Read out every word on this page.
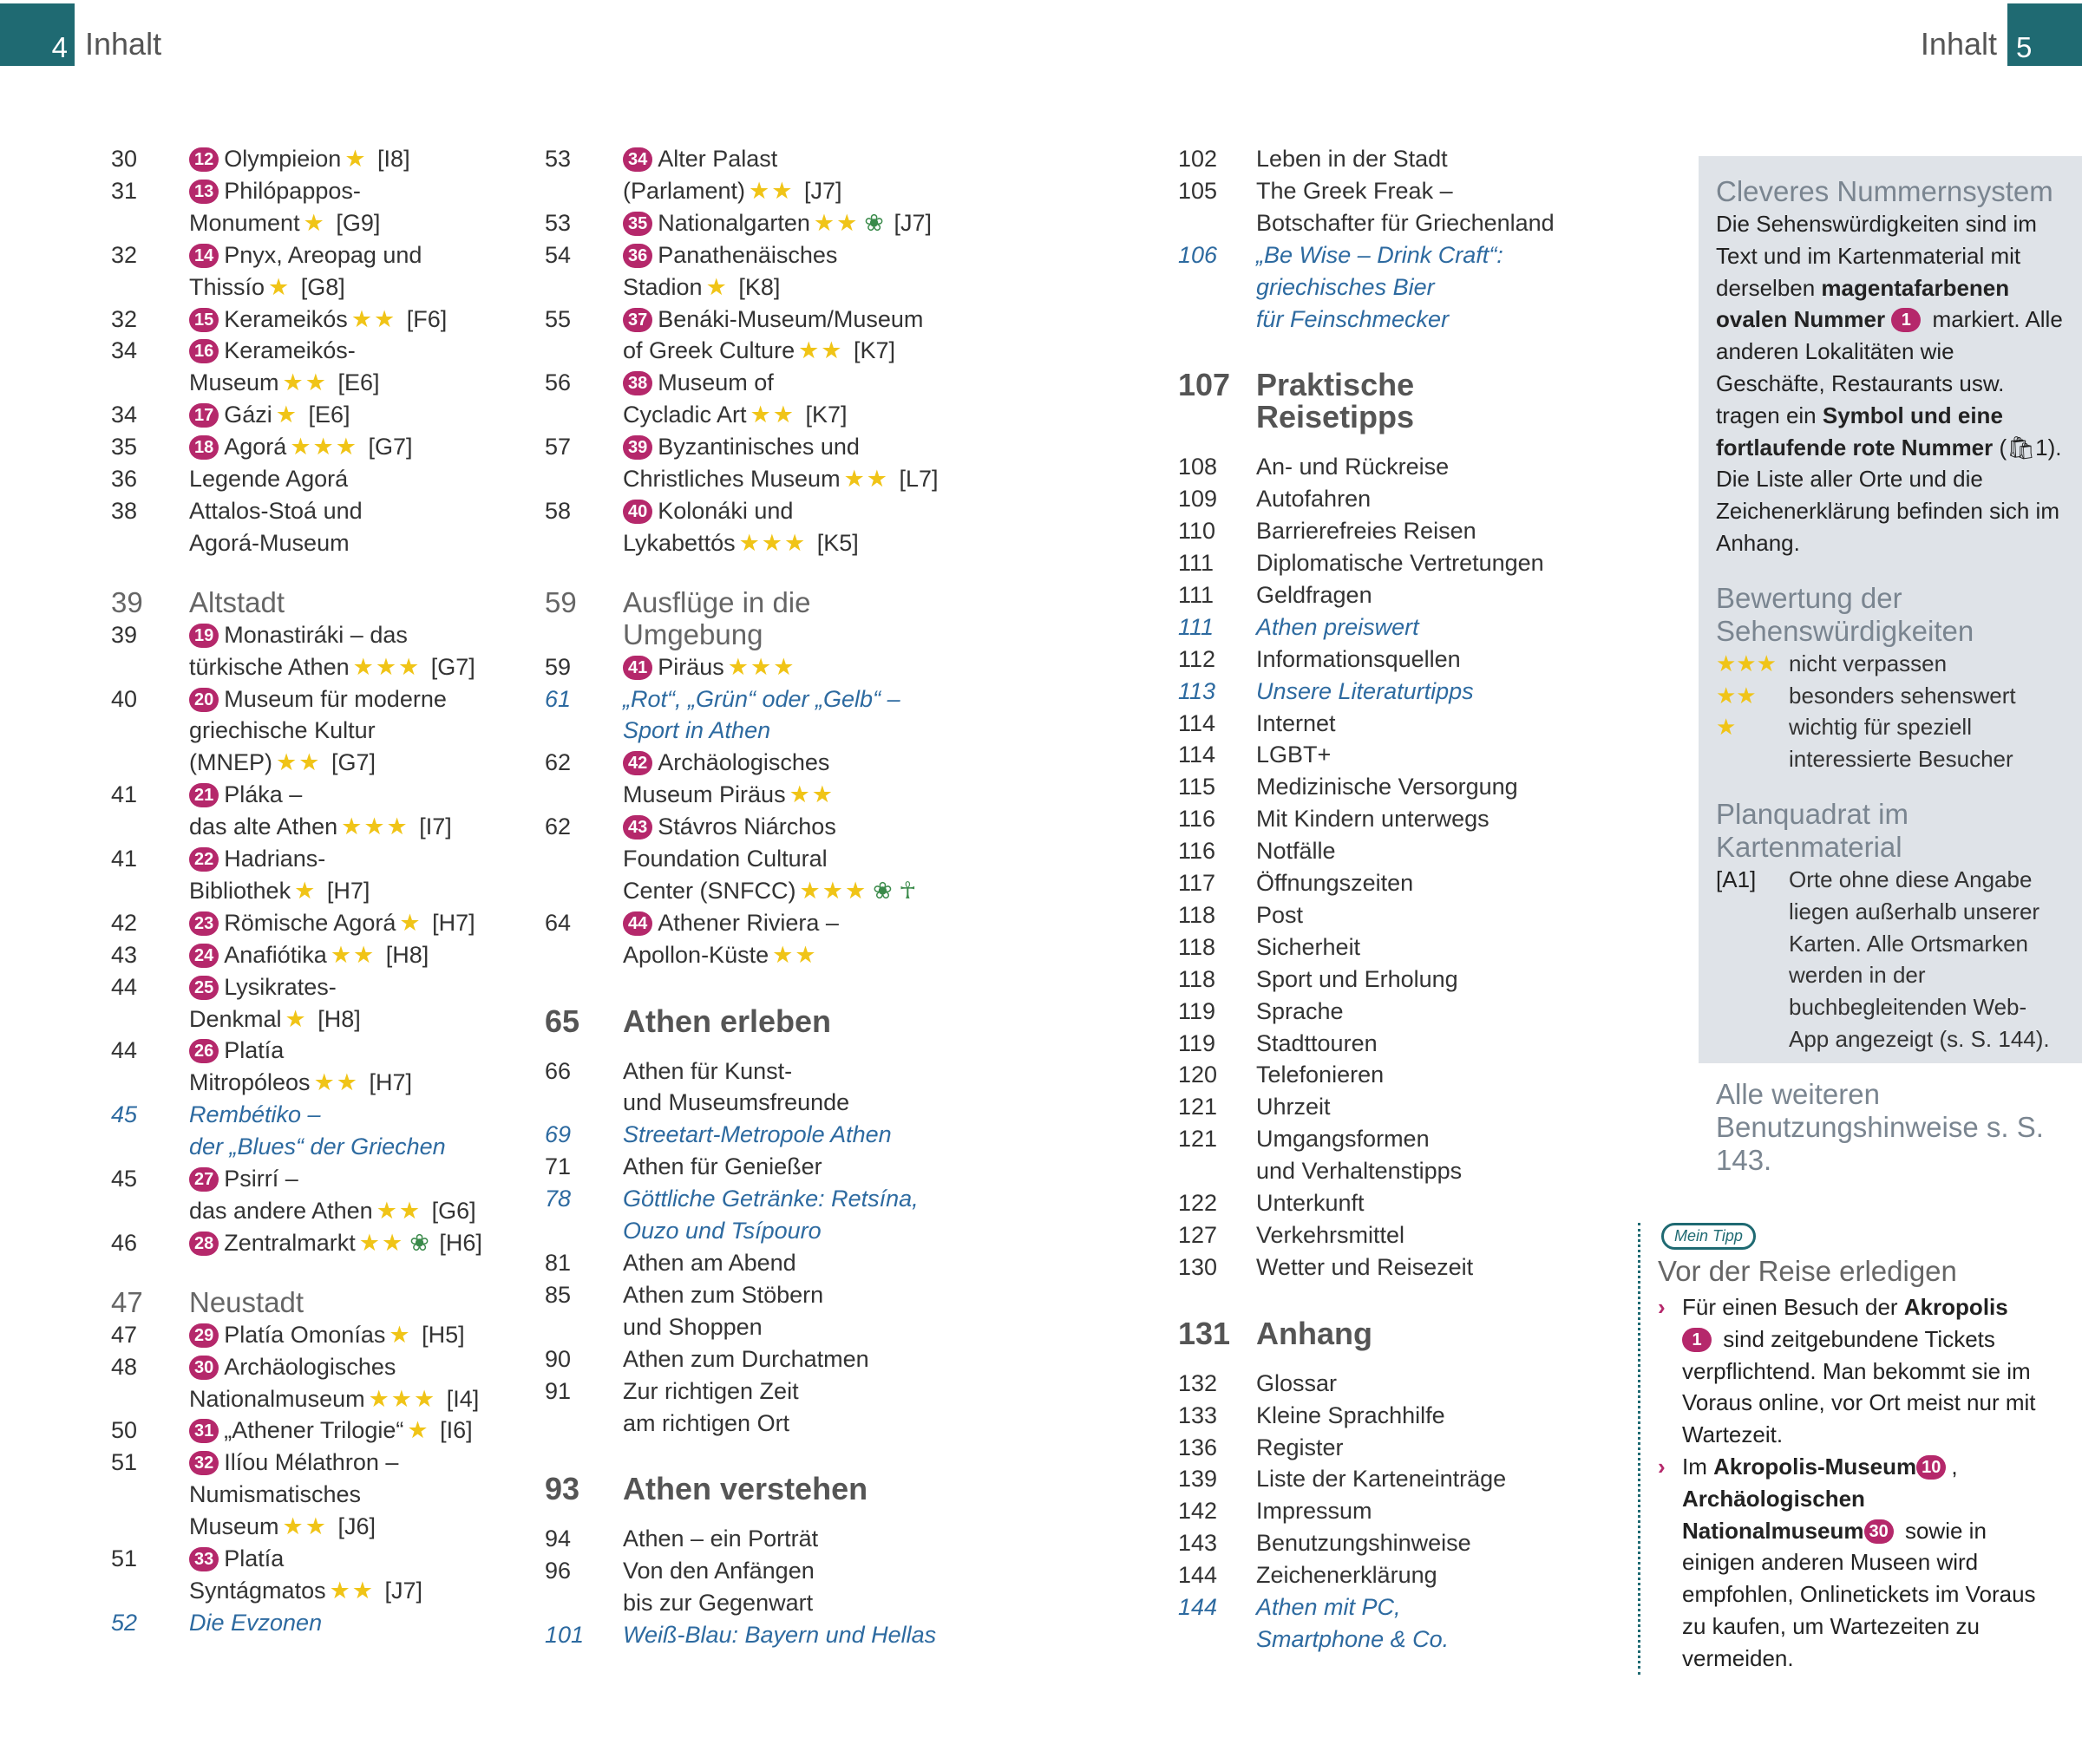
4 Inhalt	5
Inhalt
30	12 Olympieion ★ [I8]
31	13 Philópappos-
Monument ★ [G9]
32	14 Pnyx, Areopag und
Thissío ★ [G8]
32	15 Kerameikós ★★ [F6]
34	16 Kerameikós-
Museum ★★ [E6]
34	17 Gázi ★ [E6]
35	18 Agorá ★★★ [G7]
36	Legende Agorá
38	Attalos-Stoá und
Agorá-Museum
39	Altstadt
39	19 Monastiráki – das
türkische Athen ★★★ [G7]
40	20 Museum für moderne
griechische Kultur
(MNEP) ★★ [G7]
41	21 Pláka –
das alte Athen ★★★ [I7]
41	22 Hadrians-
Bibliothek ★ [H7]
42	23 Römische Agorá ★ [H7]
43	24 Anafiótika ★★ [H8]
44	25 Lysikrates-
Denkmal ★ [H8]
44	26 Platía
Mitropóleos ★★ [H7]
45	Rembétiko –
der „Blues“ der Griechen
45	27 Psirrí –
das andere Athen ★★ [G6]
46	28 Zentralmarkt ★★ ❀ [H6]
47	Neustadt
47	29 Platía Omonías ★ [H5]
48	30 Archäologisches
Nationalmuseum ★★★ [I4]
50	31 „Athener Trilogie“ ★ [I6]
51	32 Ilíou Mélathron –
Numismatisches
Museum ★★ [J6]
51	33 Platía
Syntágmatos ★★ [J7]
52	Die Evzonen
53	34 Alter Palast
(Parlament) ★★ [J7]
53	35 Nationalgarten ★★ ❀ [J7]
54	36 Panathenäisches
Stadion ★ [K8]
55	37 Benáki-Museum/Museum
of Greek Culture ★★ [K7]
56	38 Museum of
Cycladic Art ★★ [K7]
57	39 Byzantinisches und
Christliches Museum ★★ [L7]
58	40 Kolonáki und
Lykabettós ★★★ [K5]
59	Ausflüge in die Umgebung
59	41 Piräus ★★★
61	„Rot“, „Grün“ oder „Gelb“ –
Sport in Athen
62	42 Archäologisches
Museum Piräus ★★
62	43 Stávros Niárchos
Foundation Cultural
Center (SNFCC) ★★★ ❀ ☥
64	44 Athener Riviera –
Apollon-Küste ★★
65	Athen erleben
66	Athen für Kunst-
und Museumsfreunde
69	Streetart-Metropole Athen
71	Athen für Genießer
78	Göttliche Getränke: Retsína,
Ouzo und Tsípouro
81	Athen am Abend
85	Athen zum Stöbern
und Shoppen
90	Athen zum Durchatmen
91	Zur richtigen Zeit
am richtigen Ort
93	Athen verstehen
94	Athen – ein Porträt
96	Von den Anfängen
bis zur Gegenwart
101	Weiß-Blau: Bayern und Hellas
102	Leben in der Stadt
105	The Greek Freak –
Botschafter für Griechenland
106	„Be Wise – Drink Craft“:
griechisches Bier
für Feinschmecker
107 Praktische Reisetipps
108	An- und Rückreise
109	Autofahren
110	Barrierefreies Reisen
111	Diplomatische Vertretungen
111	Geldfragen
111	Athen preiswert
112	Informationsquellen
113	Unsere Literaturtipps
114	Internet
114	LGBT+
115	Medizinische Versorgung
116	Mit Kindern unterwegs
116	Notfälle
117	Öffnungszeiten
118	Post
118	Sicherheit
118	Sport und Erholung
119	Sprache
119	Stadttouren
120	Telefonieren
121	Uhrzeit
121	Umgangsformen
und Verhaltenstipps
122	Unterkunft
127	Verkehrsmittel
130	Wetter und Reisezeit
131 Anhang
132	Glossar
133	Kleine Sprachhilfe
136	Register
139	Liste der Karteneinträge
142	Impressum
143	Benutzungshinweise
144	Zeichenerklärung
144	Athen mit PC,
Smartphone & Co.
Cleveres Nummernsystem
Die Sehenswürdigkeiten sind im Text und im Kartenmaterial mit derselben magentafarbenen ovalen Nummer 1 markiert. Alle anderen Lokalitäten wie Geschäfte, Restaurants usw. tragen ein Symbol und eine fortlaufende rote Nummer (🛍1). Die Liste aller Orte und die Zeichenerklärung befinden sich im Anhang.
Bewertung der Sehenswürdigkeiten
★★★ nicht verpassen
★★	besonders sehenswert
★	wichtig für speziell interessierte Besucher
Planquadrat im Kartenmaterial
[A1]	Orte ohne diese Angabe liegen außerhalb unserer Karten. Alle Ortsmarken werden in der buchbegleitenden Web-App angezeigt (s. S. 144).
Alle weiteren Benutzungshinweise s. S. 143.
Mein Tipp
Vor der Reise erledigen
› Für einen Besuch der Akropolis1 sind zeitgebundene Tickets verpflichtend. Man bekommt sie im Voraus online, vor Ort meist nur mit Wartezeit.
› Im Akropolis-Museum 10 , Archäologischen Nationalmuseum 30 sowie in einigen anderen Museen wird empfohlen, Onlinetickets im Voraus zu kaufen, um Wartezeiten zu vermeiden.
